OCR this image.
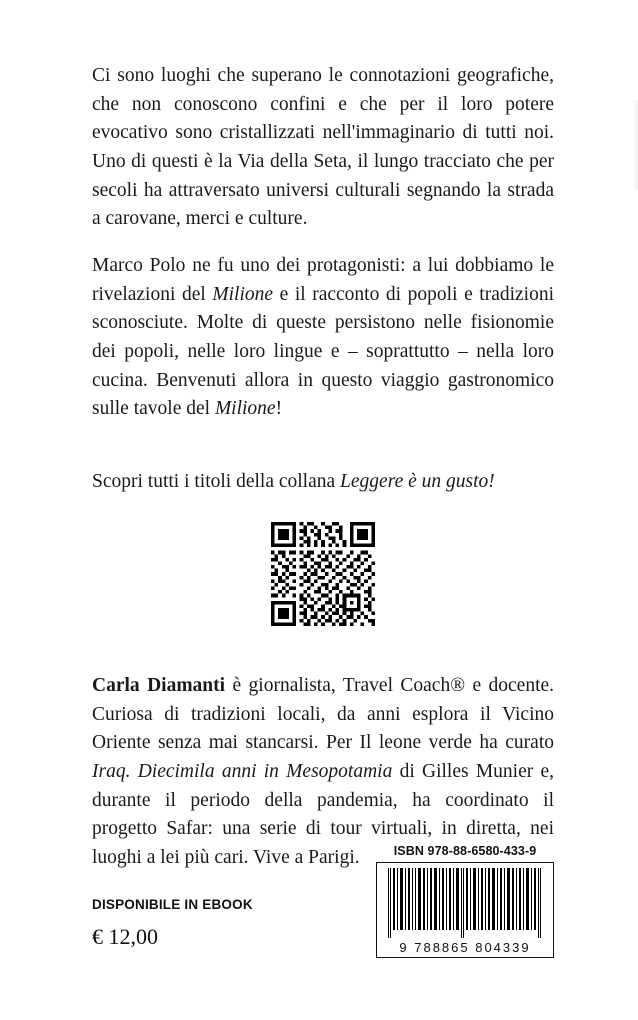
Ci sono luoghi che superano le connotazioni geografiche, che non conoscono confini e che per il loro potere evocativo sono cristallizzati nell'immaginario di tutti noi. Uno di questi è la Via della Seta, il lungo tracciato che per secoli ha attraversato universi culturali segnando la strada a carovane, merci e culture.

Marco Polo ne fu uno dei protagonisti: a lui dobbiamo le rivelazioni del Milione e il racconto di popoli e tradizioni sconosciute. Molte di queste persistono nelle fisionomie dei popoli, nelle loro lingue e – soprattutto – nella loro cucina. Benvenuti allora in questo viaggio gastronomico sulle tavole del Milione!

Scopri tutti i titoli della collana Leggere è un gusto!
Carla Diamanti è giornalista, Travel Coach® e docente. Curiosa di tradizioni locali, da anni esplora il Vicino Oriente senza mai stancarsi. Per Il leone verde ha curato Iraq. Diecimila anni in Mesopotamia di Gilles Munier e, durante il periodo della pandemia, ha coordinato il progetto Safar: una serie di tour virtuali, in diretta, nei luoghi a lei più cari. Vive a Parigi.
DISPONIBILE IN EBOOK
€ 12,00
ISBN 978-88-6580-433-9
9 788865 804339
